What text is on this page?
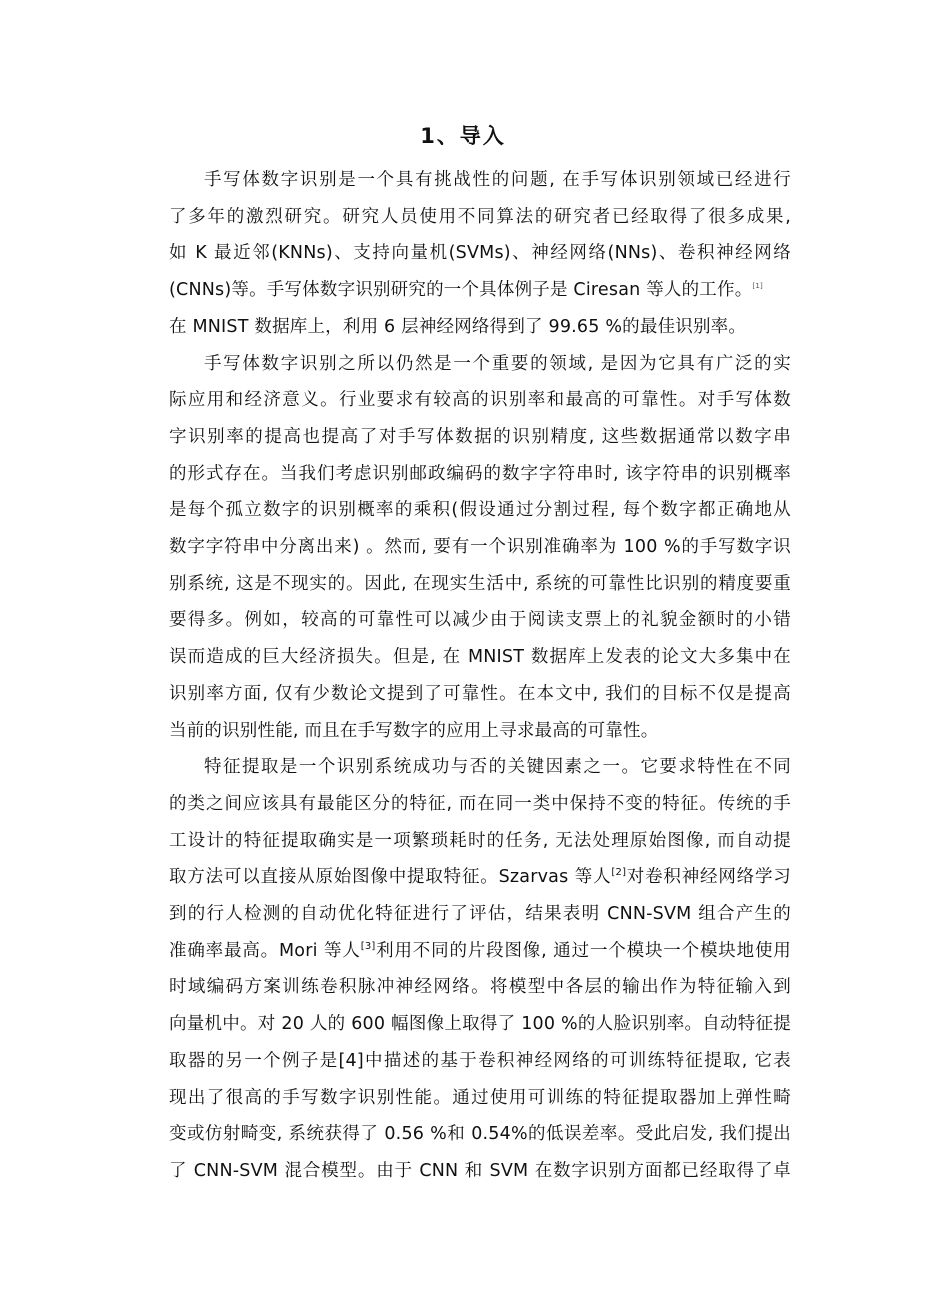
1、导入

手写体数字识别是一个具有挑战性的问题, 在手写体识别领域已经进行
了多年的激烈研究。研究人员使用不同算法的研究者已经取得了很多成果,
如 K 最近邻(KNNs)、支持向量机(SVMs)、神经网络(NNs)、卷积神经网络
(CNNs)等。手写体数字识别研究的一个具体例子是 Ciresan 等人的工作。[1]
在 MNIST 数据库上，利用 6 层神经网络得到了 99.65 %的最佳识别率。

手写体数字识别之所以仍然是一个重要的领域, 是因为它具有广泛的实
际应用和经济意义。行业要求有较高的识别率和最高的可靠性。对手写体数
字识别率的提高也提高了对手写体数据的识别精度, 这些数据通常以数字串
的形式存在。当我们考虑识别邮政编码的数字字符串时, 该字符串的识别概率
是每个孤立数字的识别概率的乘积(假设通过分割过程, 每个数字都正确地从
数字字符串中分离出来) 。然而, 要有一个识别准确率为 100 %的手写数字识
别系统, 这是不现实的。因此, 在现实生活中, 系统的可靠性比识别的精度要重
要得多。例如，较高的可靠性可以减少由于阅读支票上的礼貌金额时的小错
误而造成的巨大经济损失。但是, 在 MNIST 数据库上发表的论文大多集中在
识别率方面, 仅有少数论文提到了可靠性。在本文中, 我们的目标不仅是提高
当前的识别性能, 而且在手写数字的应用上寻求最高的可靠性。

特征提取是一个识别系统成功与否的关键因素之一。它要求特性在不同
的类之间应该具有最能区分的特征, 而在同一类中保持不变的特征。传统的手
工设计的特征提取确实是一项繁琐耗时的任务, 无法处理原始图像, 而自动提
取方法可以直接从原始图像中提取特征。Szarvas 等人[2]对卷积神经网络学习
到的行人检测的自动优化特征进行了评估，结果表明 CNN-SVM 组合产生的
准确率最高。Mori 等人[3]利用不同的片段图像, 通过一个模块一个模块地使用
时域编码方案训练卷积脉冲神经网络。将模型中各层的输出作为特征输入到
向量机中。对 20 人的 600 幅图像上取得了 100 %的人脸识别率。自动特征提
取器的另一个例子是[4]中描述的基于卷积神经网络的可训练特征提取, 它表
现出了很高的手写数字识别性能。通过使用可训练的特征提取器加上弹性畸
变或仿射畸变, 系统获得了 0.56 %和 0.54%的低误差率。受此启发, 我们提出
了 CNN-SVM 混合模型。由于 CNN 和 SVM 在数字识别方面都已经取得了卓
